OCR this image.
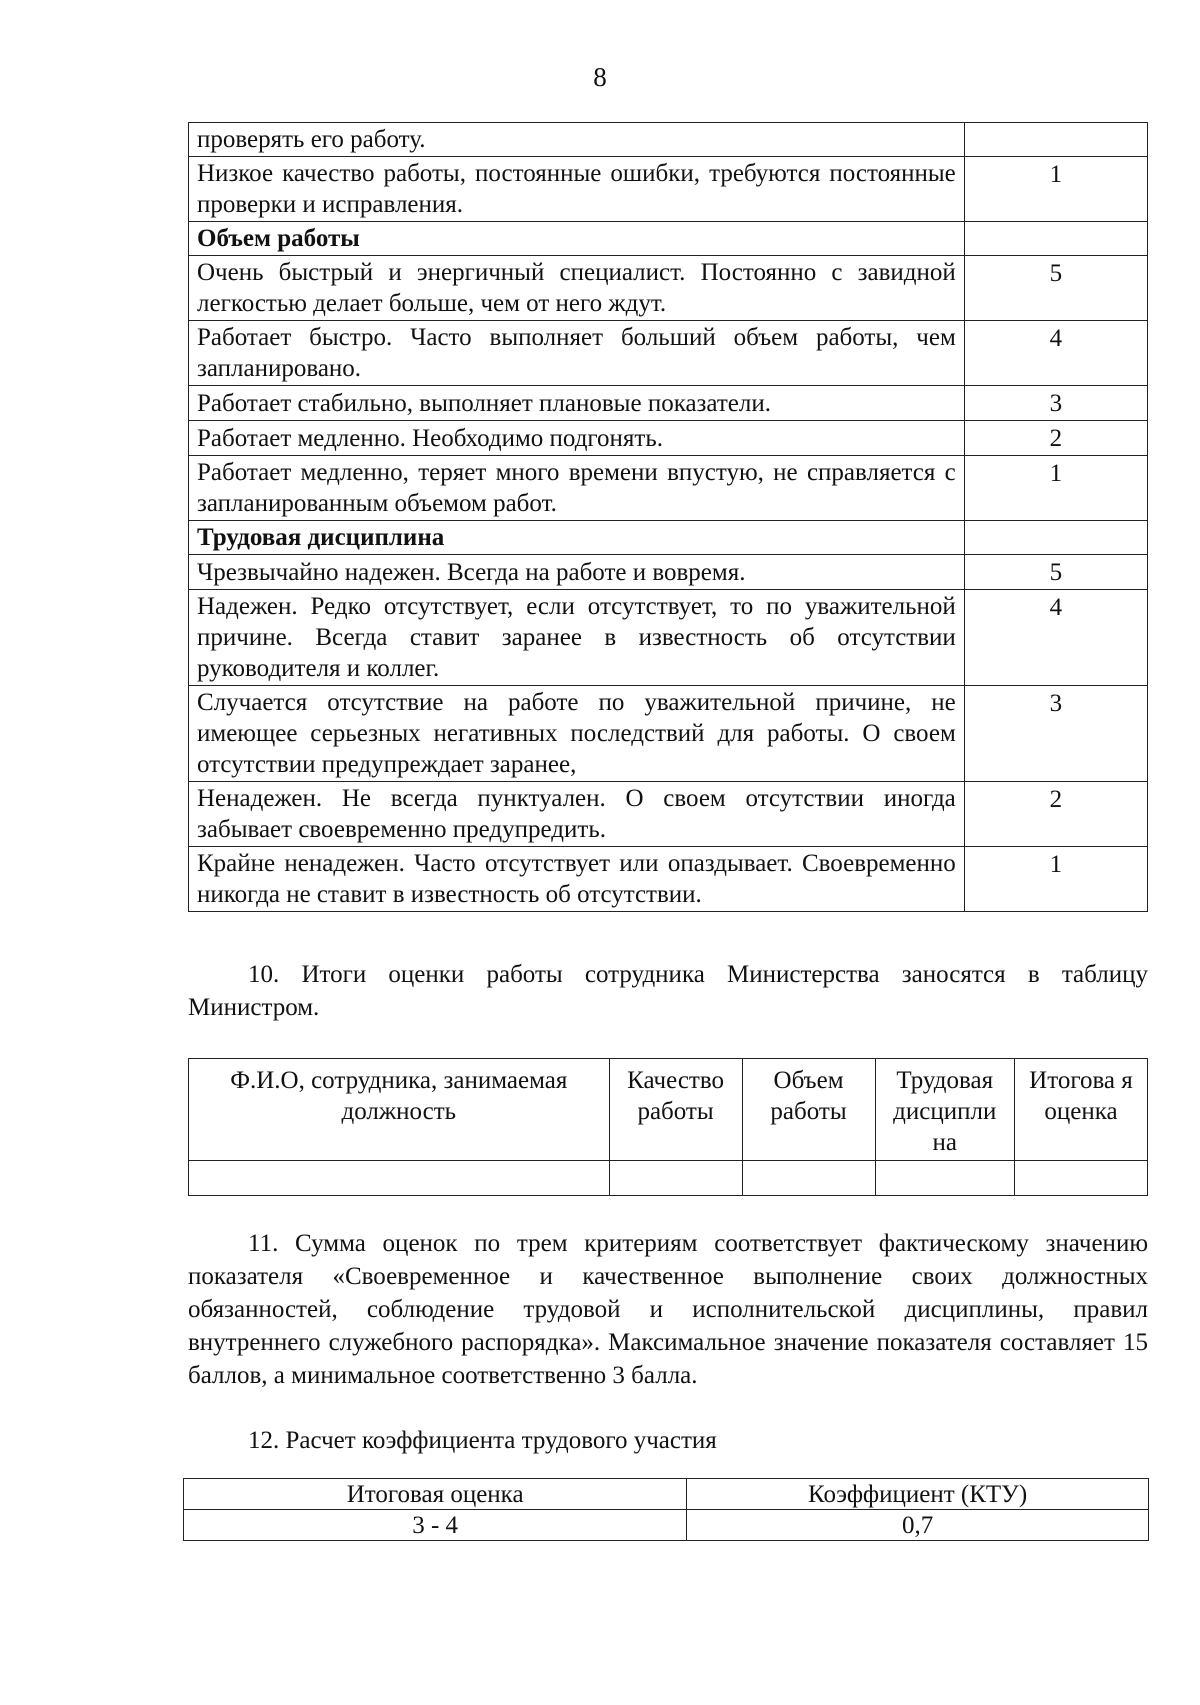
8
проверять его работу.	
Низкое качество работы, постоянные ошибки, требуются постоянные проверки и исправления.	1
Объем работы	
Очень быстрый и энергичный специалист. Постоянно с завидной легкостью делает больше, чем от него ждут.	5
Работает быстро. Часто выполняет больший объем работы, чем запланировано.	4
Работает стабильно, выполняет плановые показатели.	3
Работает медленно. Необходимо подгонять.	2
Работает медленно, теряет много времени впустую, не справляется с запланированным объемом работ.	1
Трудовая дисциплина	
Чрезвычайно надежен. Всегда на работе и вовремя.	5
Надежен. Редко отсутствует, если отсутствует, то по уважительной причине. Всегда ставит заранее в известность об отсутствии руководителя и коллег.	4
Случается отсутствие на работе по уважительной причине, не имеющее серьезных негативных последствий для работы. О своем отсутствии предупреждает заранее,	3
Ненадежен. Не всегда пунктуален. О своем отсутствии иногда забывает своевременно предупредить.	2
Крайне ненадежен. Часто отсутствует или опаздывает. Своевременно никогда не ставит в известность об отсутствии.	1
10. Итоги оценки работы сотрудника Министерства заносятся в таблицу Министром.
Ф.И.О, сотрудника, занимаемая должность	Качество работы	Объем работы	Трудовая дисципли на	Итогова я оценка

11. Сумма оценок по трем критериям соответствует фактическому значению показателя «Своевременное и качественное выполнение своих должностных обязанностей, соблюдение трудовой и исполнительской дисциплины, правил внутреннего служебного распорядка». Максимальное значение показателя составляет 15 баллов, а минимальное соответственно 3 балла.
12. Расчет коэффициента трудового участия
Итоговая оценка	Коэффициент (КТУ)
3 - 4	0,7
